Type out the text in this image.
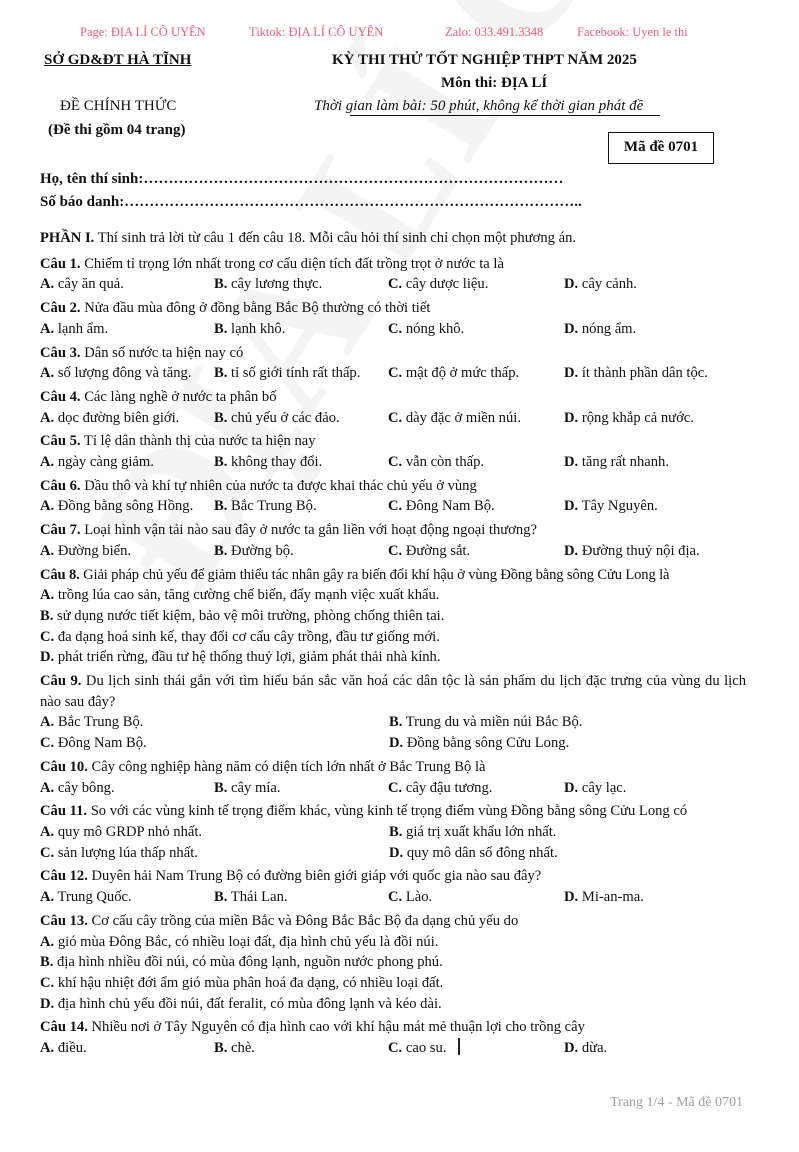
Page: ĐỊA LÍ CÔ UYÊN	Tiktok: ĐỊA LÍ CÔ UYÊN	Zalo: 033.491.3348	Facebook: Uyen le thi
SỞ GD&ĐT HÀ TĨNH
ĐỀ CHÍNH THỨC
(Đề thi gồm 04 trang)
KỲ THI THỬ TỐT NGHIỆP THPT NĂM 2025
Môn thi: ĐỊA LÍ
Thời gian làm bài: 50 phút, không kể thời gian phát đề
Mã đề 0701
Họ, tên thí sinh:…………………………………………………………………………
Số báo danh:………………………………………………………………………………..

PHẦN I. Thí sinh trả lời từ câu 1 đến câu 18. Mỗi câu hỏi thí sinh chỉ chọn một phương án.

Câu 1. Chiếm tỉ trọng lớn nhất trong cơ cấu diện tích đất trồng trọt ở nước ta là

A. cây ăn quả.	B. cây lương thực.	C. cây dược liệu.	D. cây cảnh.

Câu 2. Nửa đầu mùa đông ở đồng bằng Bắc Bộ thường có thời tiết

A. lạnh ẩm.	B. lạnh khô.	C. nóng khô.	D. nóng ẩm.

Câu 3. Dân số nước ta hiện nay có

A. số lượng đông và tăng.	B. tỉ số giới tính rất thấp.	C. mật độ ở mức thấp.	D. ít thành phần dân tộc.

Câu 4. Các làng nghề ở nước ta phân bố

A. dọc đường biên giới.	B. chủ yếu ở các đảo.	C. dày đặc ở miền núi.	D. rộng khắp cả nước.

Câu 5. Tỉ lệ dân thành thị của nước ta hiện nay

A. ngày càng giảm.	B. không thay đổi.	C. vẫn còn thấp.	D. tăng rất nhanh.

Câu 6. Dầu thô và khí tự nhiên của nước ta được khai thác chủ yếu ở vùng

A. Đồng bằng sông Hồng.	B. Bắc Trung Bộ.	C. Đông Nam Bộ.	D. Tây Nguyên.

Câu 7. Loại hình vận tải nào sau đây ở nước ta gắn liền với hoạt động ngoại thương?

A. Đường biển.	B. Đường bộ.	C. Đường sắt.	D. Đường thuỷ nội địa.

Câu 8. Giải pháp chủ yếu để giảm thiểu tác nhân gây ra biến đổi khí hậu ở vùng Đồng bằng sông Cửu Long là

A. trồng lúa cao sản, tăng cường chế biến, đẩy mạnh việc xuất khẩu.

B. sử dụng nước tiết kiệm, bảo vệ môi trường, phòng chống thiên tai.

C. đa dạng hoá sinh kế, thay đổi cơ cấu cây trồng, đầu tư giống mới.

D. phát triển rừng, đầu tư hệ thống thuỷ lợi, giảm phát thải nhà kính.

Câu 9. Du lịch sinh thái gắn với tìm hiểu bản sắc văn hoá các dân tộc là sản phẩm du lịch đặc trưng của vùng du lịch nào sau đây?

A. Bắc Trung Bộ.	B. Trung du và miền núi Bắc Bộ.
C. Đông Nam Bộ.	D. Đồng bằng sông Cửu Long.

Câu 10. Cây công nghiệp hàng năm có diện tích lớn nhất ở Bắc Trung Bộ là

A. cây bông.	B. cây mía.	C. cây đậu tương.	D. cây lạc.

Câu 11. So với các vùng kinh tế trọng điểm khác, vùng kinh tế trọng điểm vùng Đồng bằng sông Cửu Long có

A. quy mô GRDP nhỏ nhất.	B. giá trị xuất khẩu lớn nhất.
C. sản lượng lúa thấp nhất.	D. quy mô dân số đông nhất.

Câu 12. Duyên hải Nam Trung Bộ có đường biên giới giáp với quốc gia nào sau đây?

A. Trung Quốc.	B. Thái Lan.	C. Lào.	D. Mi-an-ma.

Câu 13. Cơ cấu cây trồng của miền Bắc và Đông Bắc Bắc Bộ đa dạng chủ yếu do

A. gió mùa Đông Bắc, có nhiều loại đất, địa hình chủ yếu là đồi núi.

B. địa hình nhiều đồi núi, có mùa đông lạnh, nguồn nước phong phú.

C. khí hậu nhiệt đới ẩm gió mùa phân hoá đa dạng, có nhiều loại đất.

D. địa hình chủ yếu đồi núi, đất feralit, có mùa đông lạnh và kéo dài.

Câu 14. Nhiều nơi ở Tây Nguyên có địa hình cao với khí hậu mát mẻ thuận lợi cho trồng cây

A. điều.	B. chè.	C. cao su.	D. dừa.
Trang 1/4 - Mã đề 0701
